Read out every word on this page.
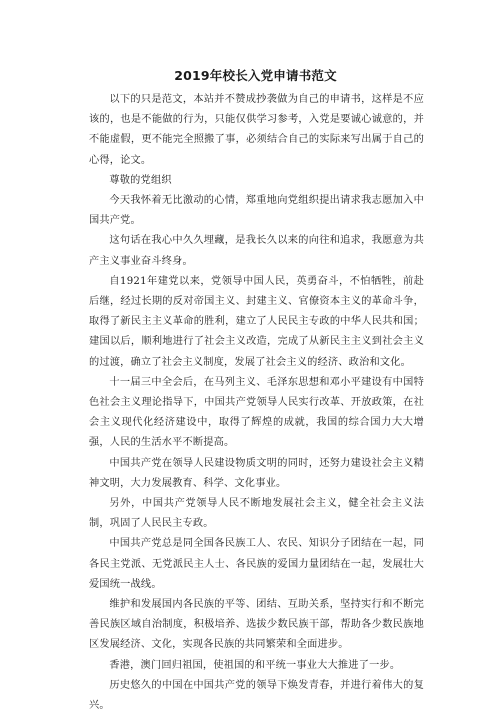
2019年校长入党申请书范文

以下的只是范文，本站并不赞成抄袭做为自己的申请书，这样是不应该的，也是不能做的行为，只能仅供学习参考，入党是要诚心诚意的，并不能虚假，更不能完全照搬了事，必须结合自己的实际来写出属于自己的心得，论文。

尊敬的党组织

今天我怀着无比激动的心情，郑重地向党组织提出请求我志愿加入中国共产党。

这句话在我心中久久埋藏，是我长久以来的向往和追求，我愿意为共产主义事业奋斗终身。

自1921年建党以来，党领导中国人民，英勇奋斗，不怕牺牲，前赴后继，经过长期的反对帝国主义、封建主义、官僚资本主义的革命斗争，取得了新民主主义革命的胜利，建立了人民民主专政的中华人民共和国；建国以后，顺利地进行了社会主义改造，完成了从新民主主义到社会主义的过渡，确立了社会主义制度，发展了社会主义的经济、政治和文化。

十一届三中全会后，在马列主义、毛泽东思想和邓小平建设有中国特色社会主义理论指导下，中国共产党领导人民实行改革、开放政策，在社会主义现代化经济建设中，取得了辉煌的成就，我国的综合国力大大增强，人民的生活水平不断提高。

中国共产党在领导人民建设物质文明的同时，还努力建设社会主义精神文明，大力发展教育、科学、文化事业。

另外，中国共产党领导人民不断地发展社会主义，健全社会主义法制，巩固了人民民主专政。

中国共产党总是同全国各民族工人、农民、知识分子团结在一起，同各民主党派、无党派民主人士、各民族的爱国力量团结在一起，发展壮大爱国统一战线。

维护和发展国内各民族的平等、团结、互助关系，坚持实行和不断完善民族区域自治制度，积极培养、选拔少数民族干部，帮助各少数民族地区发展经济、文化，实现各民族的共同繁荣和全面进步。

香港，澳门回归祖国，使祖国的和平统一事业大大推进了一步。

历史悠久的中国在中国共产党的领导下焕发青春，并进行着伟大的复兴。
